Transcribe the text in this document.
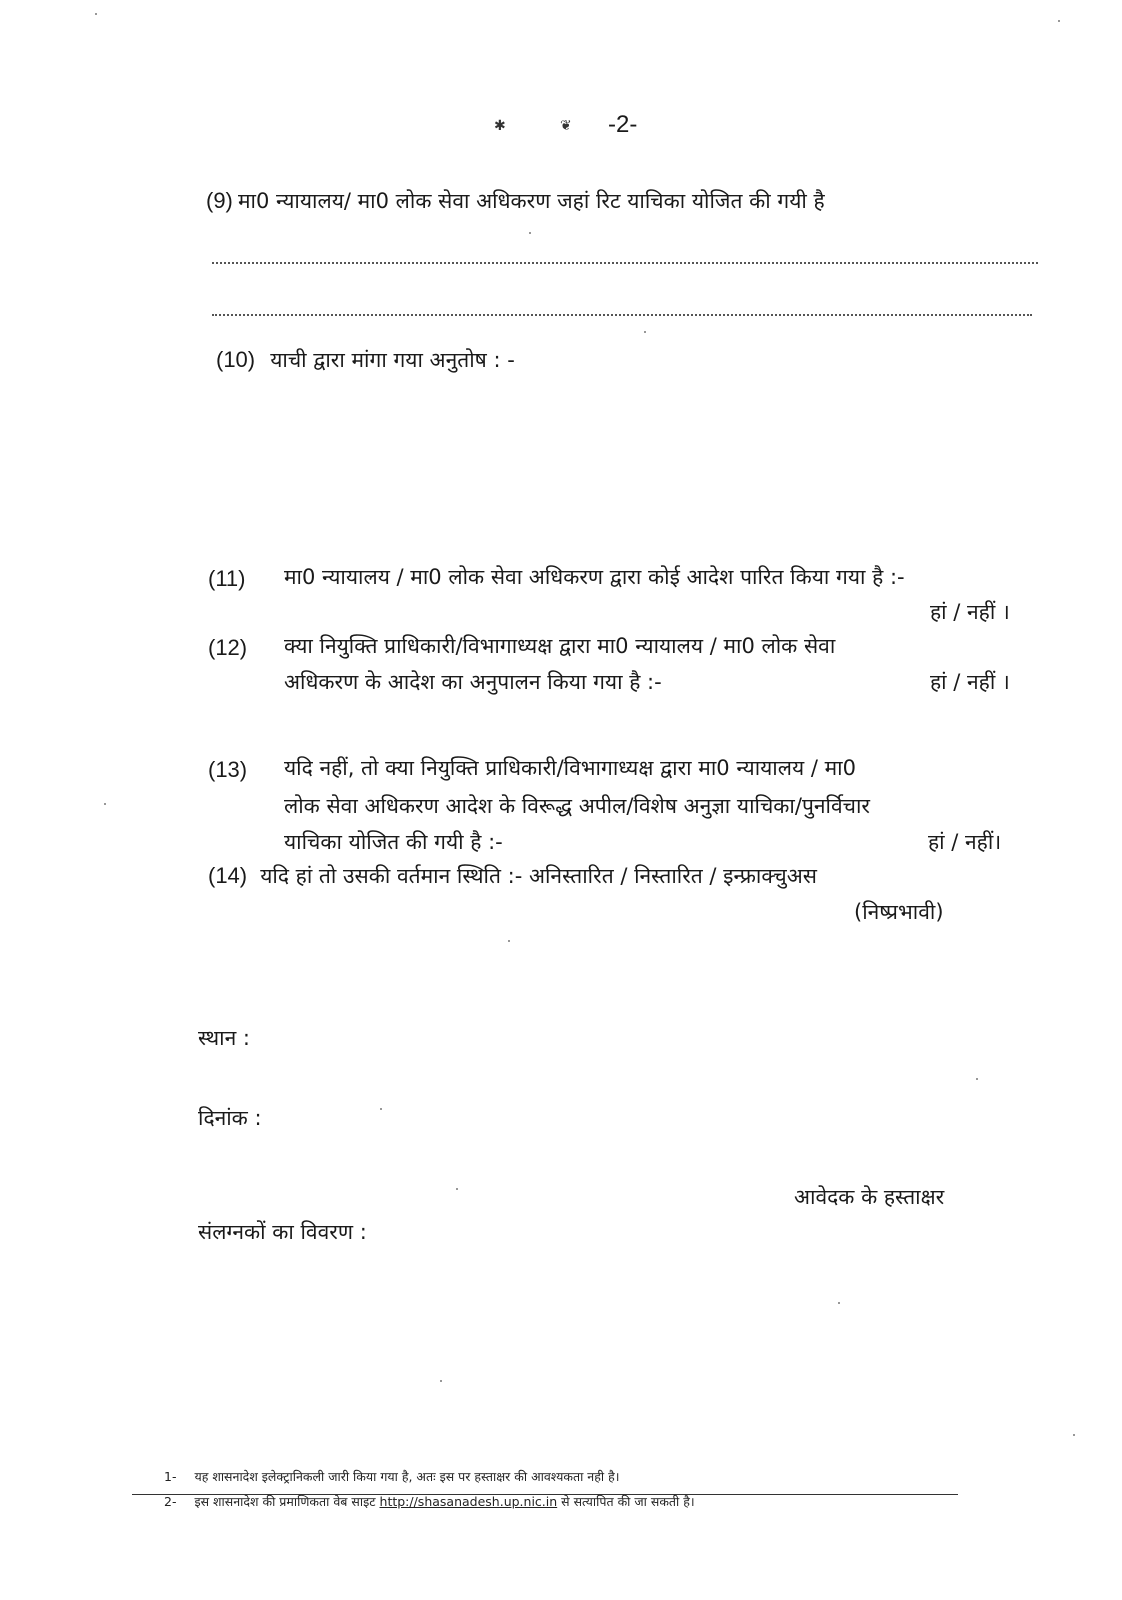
✱	❦ -2-
(9) मा0 न्यायालय/ मा0 लोक सेवा अधिकरण जहां रिट याचिका योजित की गयी है
(10) याची द्वारा मांगा गया अनुतोष : -
(11) मा0 न्यायालय / मा0 लोक सेवा अधिकरण द्वारा कोई आदेश पारित किया गया है :-
हां / नहीं ।
(12) क्या नियुक्ति प्राधिकारी/विभागाध्यक्ष द्वारा मा0 न्यायालय / मा0 लोक सेवा
अधिकरण के आदेश का अनुपालन किया गया है :-	हां / नहीं ।
(13) यदि नहीं, तो क्या नियुक्ति प्राधिकारी/विभागाध्यक्ष द्वारा मा0 न्यायालय / मा0
लोक सेवा अधिकरण आदेश के विरूद्ध अपील/विशेष अनुज्ञा याचिका/पुनर्विचार
याचिका योजित की गयी है :-	हां / नहीं।
(14) यदि हां तो उसकी वर्तमान स्थिति :- अनिस्तारित / निस्तारित / इन्फ्राक्चुअस
(निष्प्रभावी)
स्थान :
दिनांक :
आवेदक के हस्ताक्षर
संलग्नकों का विवरण :
1- यह शासनादेश इलेक्ट्रानिकली जारी किया गया है, अतः इस पर हस्ताक्षर की आवश्यकता नही है।
2- इस शासनादेश की प्रमाणिकता वेब साइट http://shasanadesh.up.nic.in से सत्यापित की जा सकती है।
